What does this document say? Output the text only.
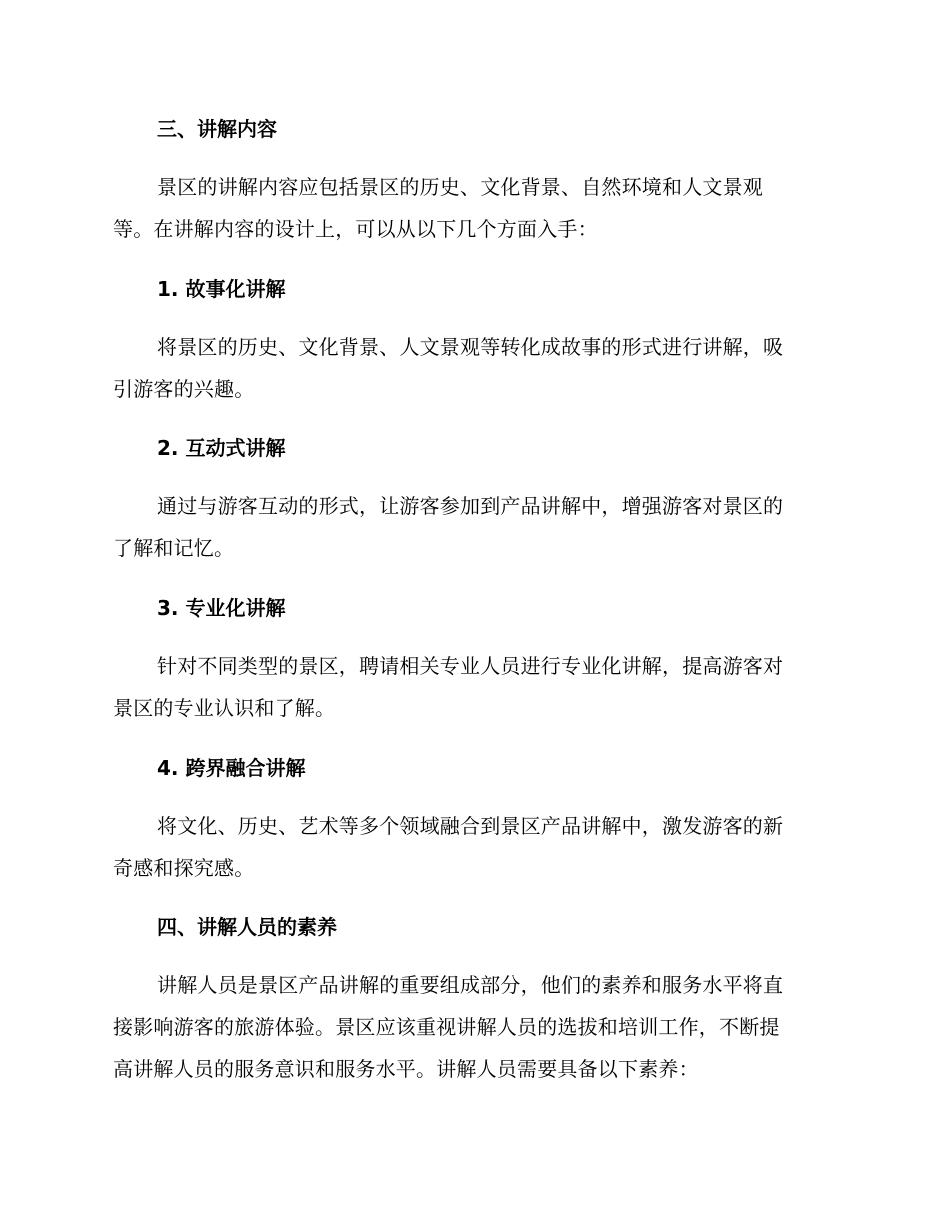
三、讲解内容
景区的讲解内容应包括景区的历史、文化背景、自然环境和人文景观
等。在讲解内容的设计上，可以从以下几个方面入手：
1. 故事化讲解
将景区的历史、文化背景、人文景观等转化成故事的形式进行讲解，吸
引游客的兴趣。
2. 互动式讲解
通过与游客互动的形式，让游客参加到产品讲解中，增强游客对景区的
了解和记忆。
3. 专业化讲解
针对不同类型的景区，聘请相关专业人员进行专业化讲解，提高游客对
景区的专业认识和了解。
4. 跨界融合讲解
将文化、历史、艺术等多个领域融合到景区产品讲解中，激发游客的新
奇感和探究感。
四、讲解人员的素养
讲解人员是景区产品讲解的重要组成部分，他们的素养和服务水平将直
接影响游客的旅游体验。景区应该重视讲解人员的选拔和培训工作，不断提
高讲解人员的服务意识和服务水平。讲解人员需要具备以下素养：
